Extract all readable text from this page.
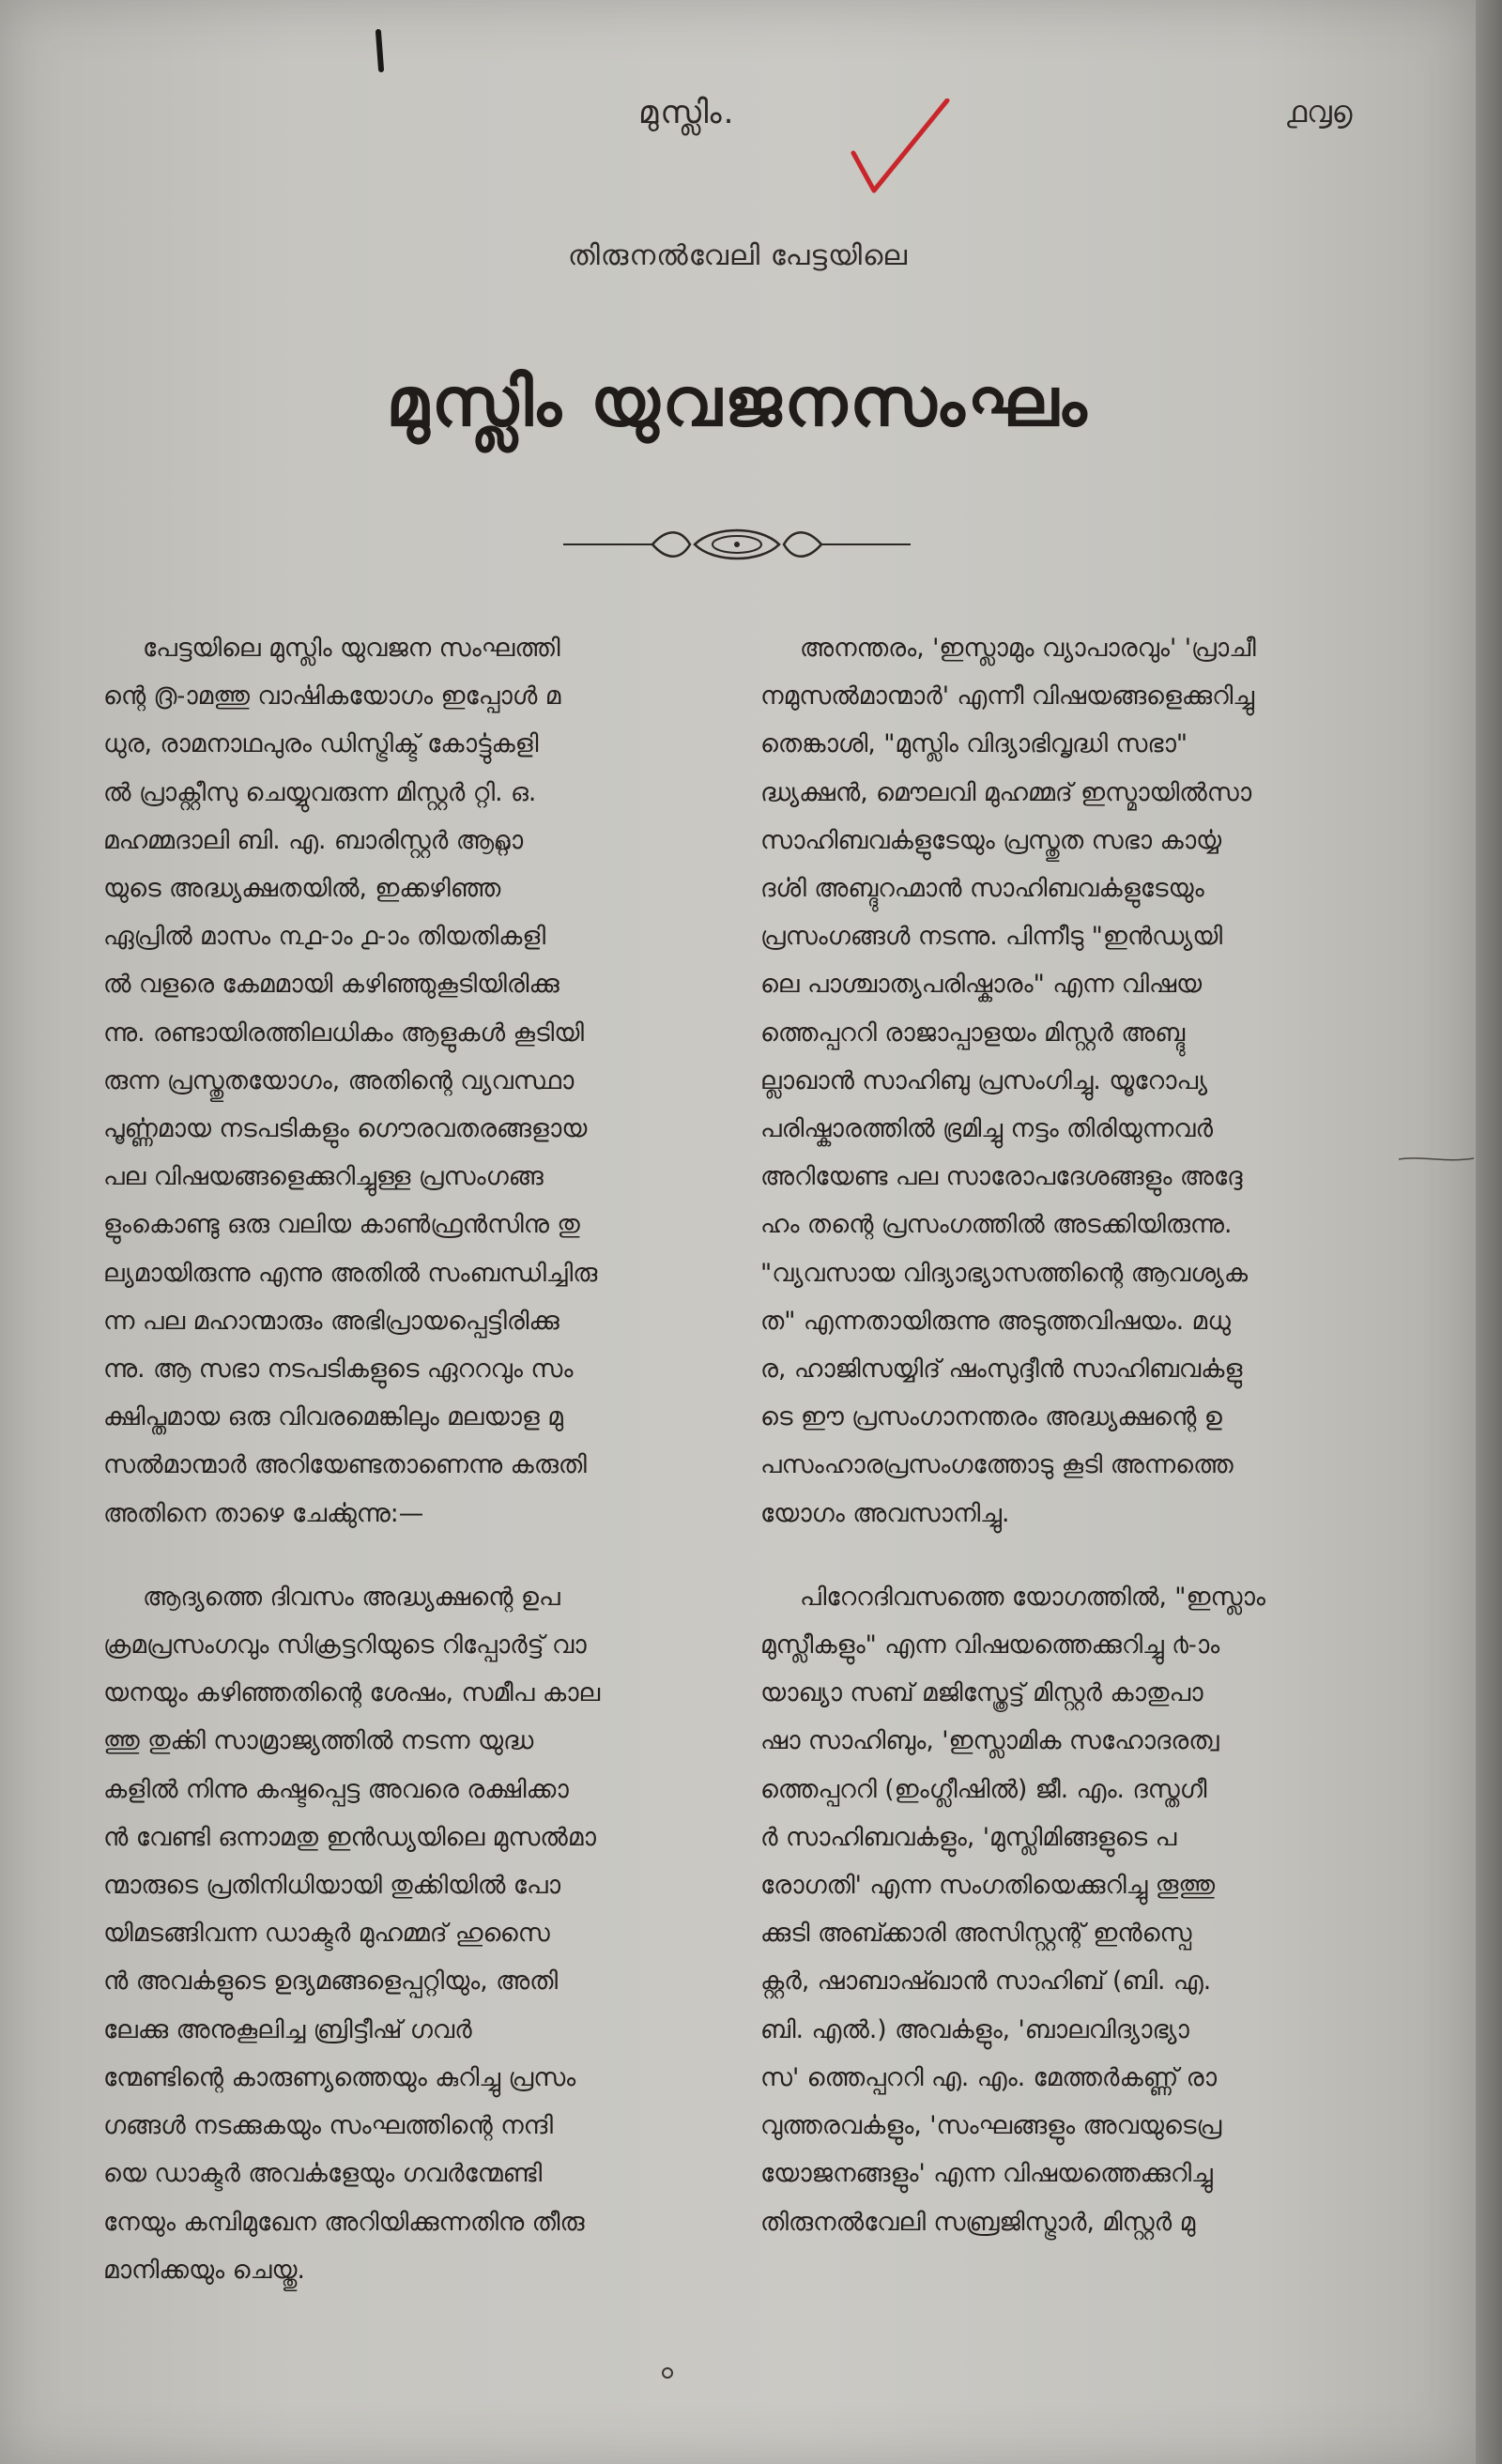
മുസ്ലിം.	൧൮൭
തിരുനൽവേലി പേട്ടയിലെ
മുസ്ലിം യുവജനസംഘം
പേട്ടയിലെ മുസ്ലിം യുവജന സംഘത്തി
ന്റെ ൫-ാമത്തു വാൎഷികയോഗം ഇപ്പോൾ മ
ധുര, രാമനാഥപുരം ഡിസ്ട്രിക്ട് കോൎട്ടുകളി
ൽ പ്രാക്റ്റീസു ചെയ്യുവരുന്ന മിസ്റ്റർ റ്റി. ഒ.
മഹമ്മദാലി ബി. എ. ബാരിസ്റ്റർ ആറ്റ്ലാ
യുടെ അദ്ധ്യക്ഷതയിൽ, ഇക്കഴിഞ്ഞ
ഏപ്രിൽ മാസം ൩൧-ാം ൧-ാം തിയതികളി
ൽ വളരെ കേമമായി കഴിഞ്ഞുകൂടിയിരിക്കു
ന്നു. രണ്ടായിരത്തിലധികം ആളുകൾ കൂടിയി
രുന്ന പ്രസ്തുതയോഗം, അതിന്റെ വ്യവസ്ഥാ
പൂൎണ്ണമായ നടപടികളും ഗൌരവതരങ്ങളായ
പല വിഷയങ്ങളെക്കുറിച്ചുള്ള പ്രസംഗങ്ങ
ളുംകൊണ്ടു ഒരു വലിയ കാൺഫ്രൻസിനു തു
ല്യമായിരുന്നു എന്നു അതിൽ സംബന്ധിച്ചിരു
ന്ന പല മഹാന്മാരും അഭിപ്രായപ്പെട്ടിരിക്കു
ന്നു. ആ സഭാ നടപടികളുടെ ഏററവും സം
ക്ഷിപ്തമായ ഒരു വിവരമെങ്കിലും മലയാള മു
സൽമാന്മാർ അറിയേണ്ടതാണെന്നു കരുതി
അതിനെ താഴെ ചേൎക്കുന്നു:—
ആദ്യത്തെ ദിവസം അദ്ധ്യക്ഷന്റെ ഉപ
ക്രമപ്രസംഗവും സിക്രട്ടറിയുടെ റിപ്പോർട്ട് വാ
യനയും കഴിഞ്ഞതിന്റെ ശേഷം, സമീപ കാല
ത്തു തുൎക്കി സാമ്രാജ്യത്തിൽ നടന്ന യുദ്ധ
കളിൽ നിന്നു കഷ്ടപ്പെട്ട അവരെ രക്ഷിക്കാ
ൻ വേണ്ടി ഒന്നാമതു ഇൻഡ്യയിലെ മുസൽമാ
ന്മാരുടെ പ്രതിനിധിയായി തുൎക്കിയിൽ പോ
യിമടങ്ങിവന്ന ഡാക്ടർ മുഹമ്മദ് ഹുസൈ
ൻ അവൎകളുടെ ഉദ്യമങ്ങളെപ്പറ്റിയും, അതി
ലേക്കു അനുകൂലിച്ച ബ്രിട്ടീഷ് ഗവർ
ന്മേണ്ടിന്റെ കാരുണ്യത്തെയും കുറിച്ചു പ്രസം
ഗങ്ങൾ നടക്കുകയും സംഘത്തിന്റെ നന്ദി
യെ ഡാക്ടർ അവൎകളേയും ഗവർന്മേണ്ടി
നേയും കമ്പിമുഖേന അറിയിക്കുന്നതിനു തീരു
മാനിക്കയും ചെയ്തു.
അനന്തരം, 'ഇസ്ലാമും വ്യാപാരവും' 'പ്രാചീ
നമുസൽമാന്മാർ' എന്നീ വിഷയങ്ങളെക്കുറിച്ചു
തെങ്കാശി, "മുസ്ലിം വിദ്യാഭിവൃദ്ധി സഭാ"
ദ്ധ്യക്ഷൻ, മൌലവി മുഹമ്മദ് ഇസ്മായിൽസാ
സാഹിബവൎകളുടേയും പ്രസ്തുത സഭാ കാൎയ്യ
ദൎശി അബ്ദുറഹ്മാൻ സാഹിബവൎകളുടേയും
പ്രസംഗങ്ങൾ നടന്നു. പിന്നീടു "ഇൻഡ്യയി
ലെ പാശ്ചാത്യപരിഷ്കാരം" എന്ന വിഷയ
ത്തെപ്പററി രാജാപ്പാളയം മിസ്റ്റർ അബ്ദു
ല്ലാഖാൻ സാഹിബു പ്രസംഗിച്ചു. യൂറോപ്യ
പരിഷ്കാരത്തിൽ ഭ്രമിച്ചു നട്ടം തിരിയുന്നവർ
അറിയേണ്ട പല സാരോപദേശങ്ങളും അദ്ദേ
ഹം തന്റെ പ്രസംഗത്തിൽ അടക്കിയിരുന്നു.
"വ്യവസായ വിദ്യാഭ്യാസത്തിന്റെ ആവശ്യക
ത" എന്നതായിരുന്നു അടുത്തവിഷയം. മധു
ര, ഹാജിസയ്യിദ് ഷംസുദ്ദീൻ സാഹിബവൎകളു
ടെ ഈ പ്രസംഗാനന്തരം അദ്ധ്യക്ഷന്റെ ഉ
പസംഹാരപ്രസംഗത്തോടു കൂടി അന്നത്തെ
യോഗം അവസാനിച്ചു.
പിറേറദിവസത്തെ യോഗത്തിൽ, "ഇസ്ലാം
മുസ്ലീകളും" എന്ന വിഷയത്തെക്കുറിച്ചു ൪-ാം
യാഖ്യാ സബ് മജിസ്ത്രേട്ട് മിസ്റ്റർ കാതുപാ
ഷാ സാഹിബും, 'ഇസ്ലാമിക സഹോദരത്വ
ത്തെപ്പററി (ഇംഗ്ലീഷിൽ) ജീ. എം. ദസ്തഗീ
ർ സാഹിബവൎകളും, 'മുസ്ലിമിങ്ങളുടെ പ
രോഗതി' എന്ന സംഗതിയെക്കുറിച്ചു തൂത്തു
ക്കുടി അബ്ക്കാരി അസിസ്റ്റന്റ് ഇൻസ്പെ
ക്റ്റർ, ഷാബാഷ്ഖാൻ സാഹിബ് (ബി. എ.
ബി. എൽ.) അവൎകളും, 'ബാലവിദ്യാഭ്യാ
സ' ത്തെപ്പററി എ. എം. മേത്തർകണ്ണ് രാ
വുത്തരവൎകളും, 'സംഘങ്ങളും അവയുടെപ്ര
യോജനങ്ങളും' എന്ന വിഷയത്തെക്കുറിച്ചു
തിരുനൽവേലി സബ്രജിസ്ട്രാർ, മിസ്റ്റർ മു
